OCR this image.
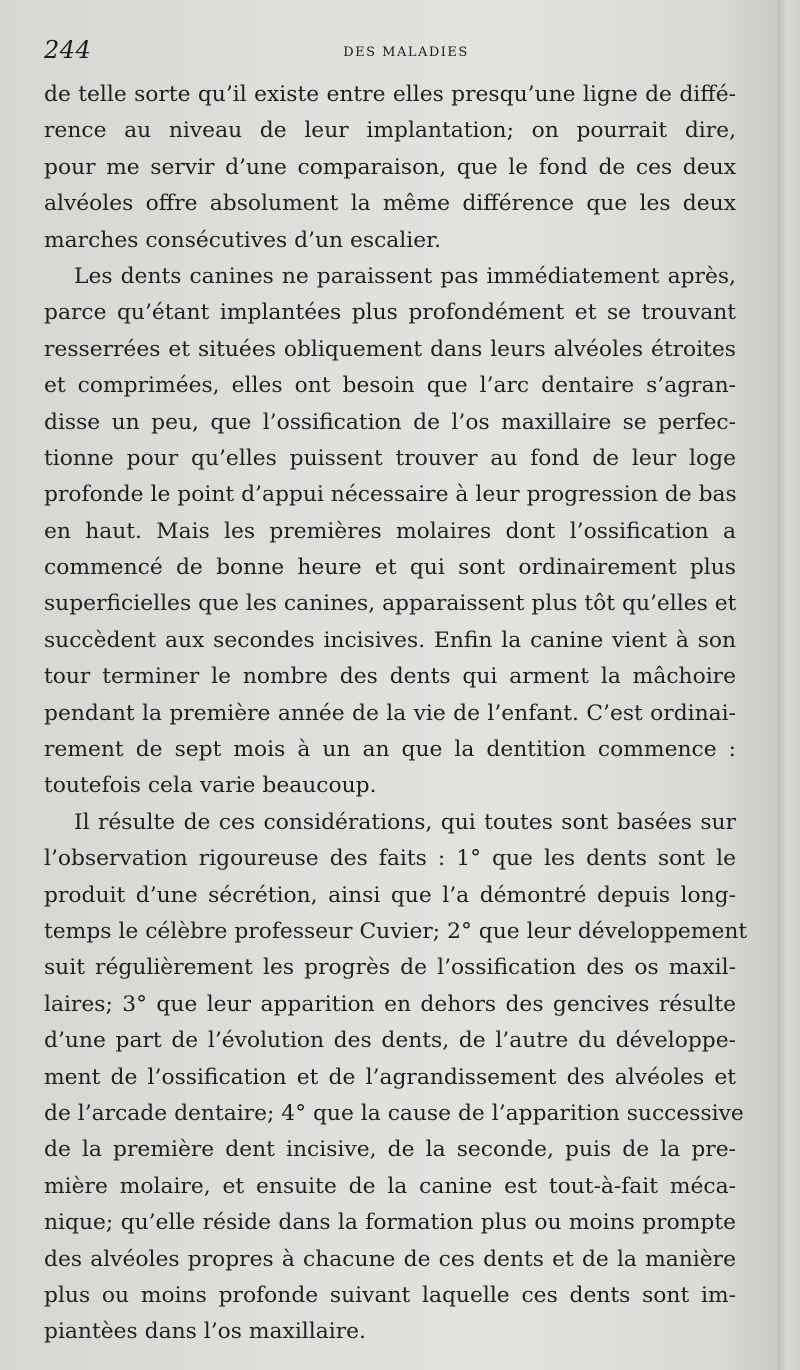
244	DES MALADIES
de telle sorte qu’il existe entre elles presqu’une ligne de diffé-
rence au niveau de leur implantation; on pourrait dire,
pour me servir d’une comparaison, que le fond de ces deux
alvéoles offre absolument la même différence que les deux
marches consécutives d’un escalier.
Les dents canines ne paraissent pas immédiatement après,
parce qu’étant implantées plus profondément et se trouvant
resserrées et situées obliquement dans leurs alvéoles étroites
et comprimées, elles ont besoin que l’arc dentaire s’agran-
disse un peu, que l’ossification de l’os maxillaire se perfec-
tionne pour qu’elles puissent trouver au fond de leur loge
profonde le point d’appui nécessaire à leur progression de bas
en haut. Mais les premières molaires dont l’ossification a
commencé de bonne heure et qui sont ordinairement plus
superficielles que les canines, apparaissent plus tôt qu’elles et
succèdent aux secondes incisives. Enfin la canine vient à son
tour terminer le nombre des dents qui arment la mâchoire
pendant la première année de la vie de l’enfant. C’est ordinai-
rement de sept mois à un an que la dentition commence :
toutefois cela varie beaucoup.
Il résulte de ces considérations, qui toutes sont basées sur
l’observation rigoureuse des faits : 1° que les dents sont le
produit d’une sécrétion, ainsi que l’a démontré depuis long-
temps le célèbre professeur Cuvier; 2° que leur développement
suit régulièrement les progrès de l’ossification des os maxil-
laires; 3° que leur apparition en dehors des gencives résulte
d’une part de l’évolution des dents, de l’autre du développe-
ment de l’ossification et de l’agrandissement des alvéoles et
de l’arcade dentaire; 4° que la cause de l’apparition successive
de la première dent incisive, de la seconde, puis de la pre-
mière molaire, et ensuite de la canine est tout-à-fait méca-
nique; qu’elle réside dans la formation plus ou moins prompte
des alvéoles propres à chacune de ces dents et de la manière
plus ou moins profonde suivant laquelle ces dents sont im-
piantèes dans l’os maxillaire.
